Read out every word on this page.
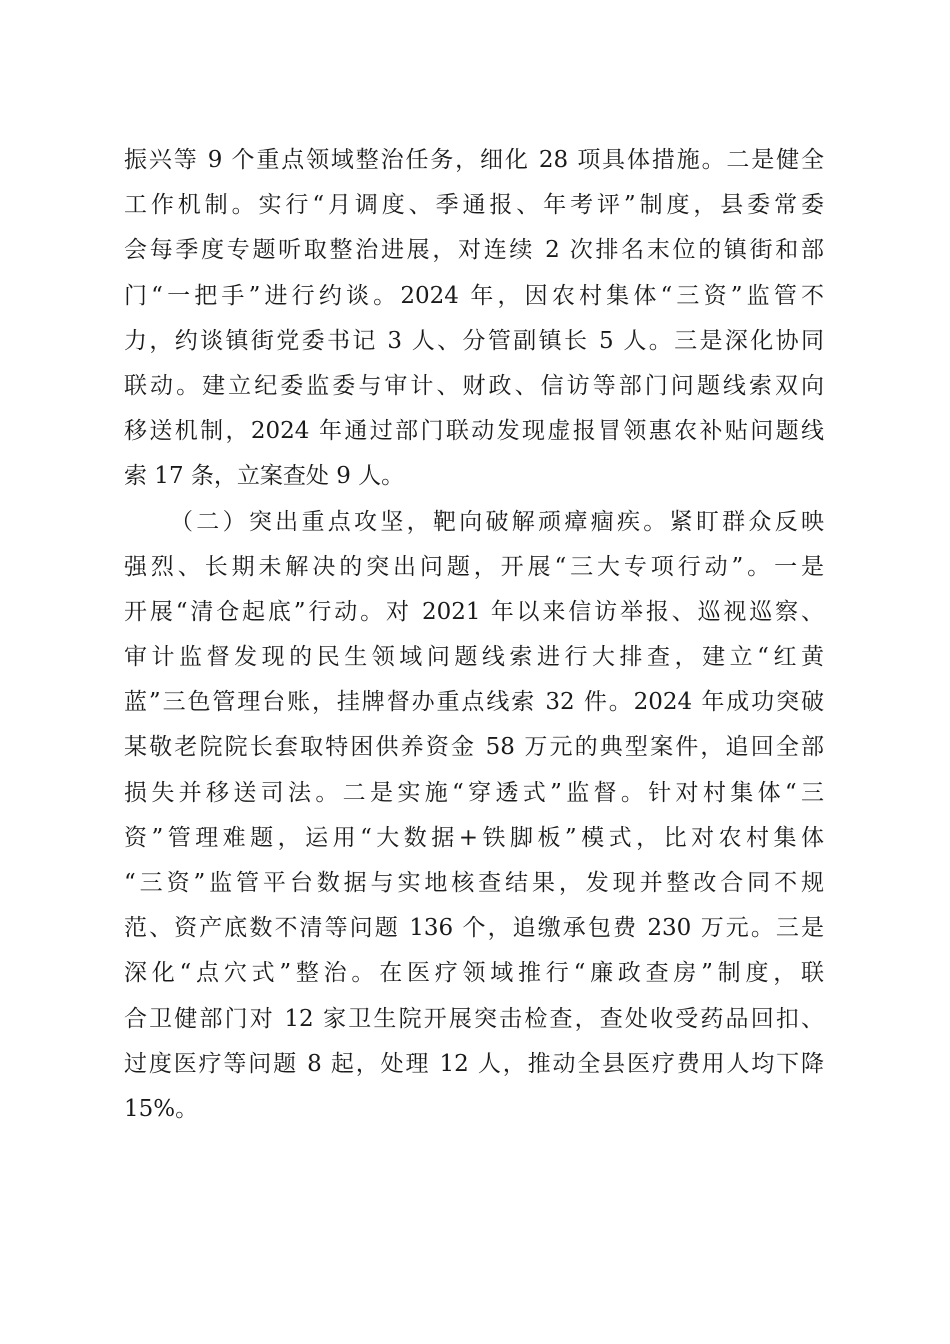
振兴等 9 个重点领域整治任务，细化 28 项具体措施。二是健全
工作机制。实行“月调度、季通报、年考评”制度，县委常委
会每季度专题听取整治进展，对连续 2 次排名末位的镇街和部
门“一把手”进行约谈。2024 年，因农村集体“三资”监管不
力，约谈镇街党委书记 3 人、分管副镇长 5 人。三是深化协同
联动。建立纪委监委与审计、财政、信访等部门问题线索双向
移送机制，2024 年通过部门联动发现虚报冒领惠农补贴问题线
索 17 条，立案查处 9 人。
（二）突出重点攻坚，靶向破解顽瘴痼疾。紧盯群众反映
强烈、长期未解决的突出问题，开展“三大专项行动”。一是
开展“清仓起底”行动。对 2021 年以来信访举报、巡视巡察、
审计监督发现的民生领域问题线索进行大排查，建立“红黄
蓝”三色管理台账，挂牌督办重点线索 32 件。2024 年成功突破
某敬老院院长套取特困供养资金 58 万元的典型案件，追回全部
损失并移送司法。二是实施“穿透式”监督。针对村集体“三
资”管理难题，运用“大数据+铁脚板”模式，比对农村集体
“三资”监管平台数据与实地核查结果，发现并整改合同不规
范、资产底数不清等问题 136 个，追缴承包费 230 万元。三是
深化“点穴式”整治。在医疗领域推行“廉政查房”制度，联
合卫健部门对 12 家卫生院开展突击检查，查处收受药品回扣、
过度医疗等问题 8 起，处理 12 人，推动全县医疗费用人均下降
15%。
